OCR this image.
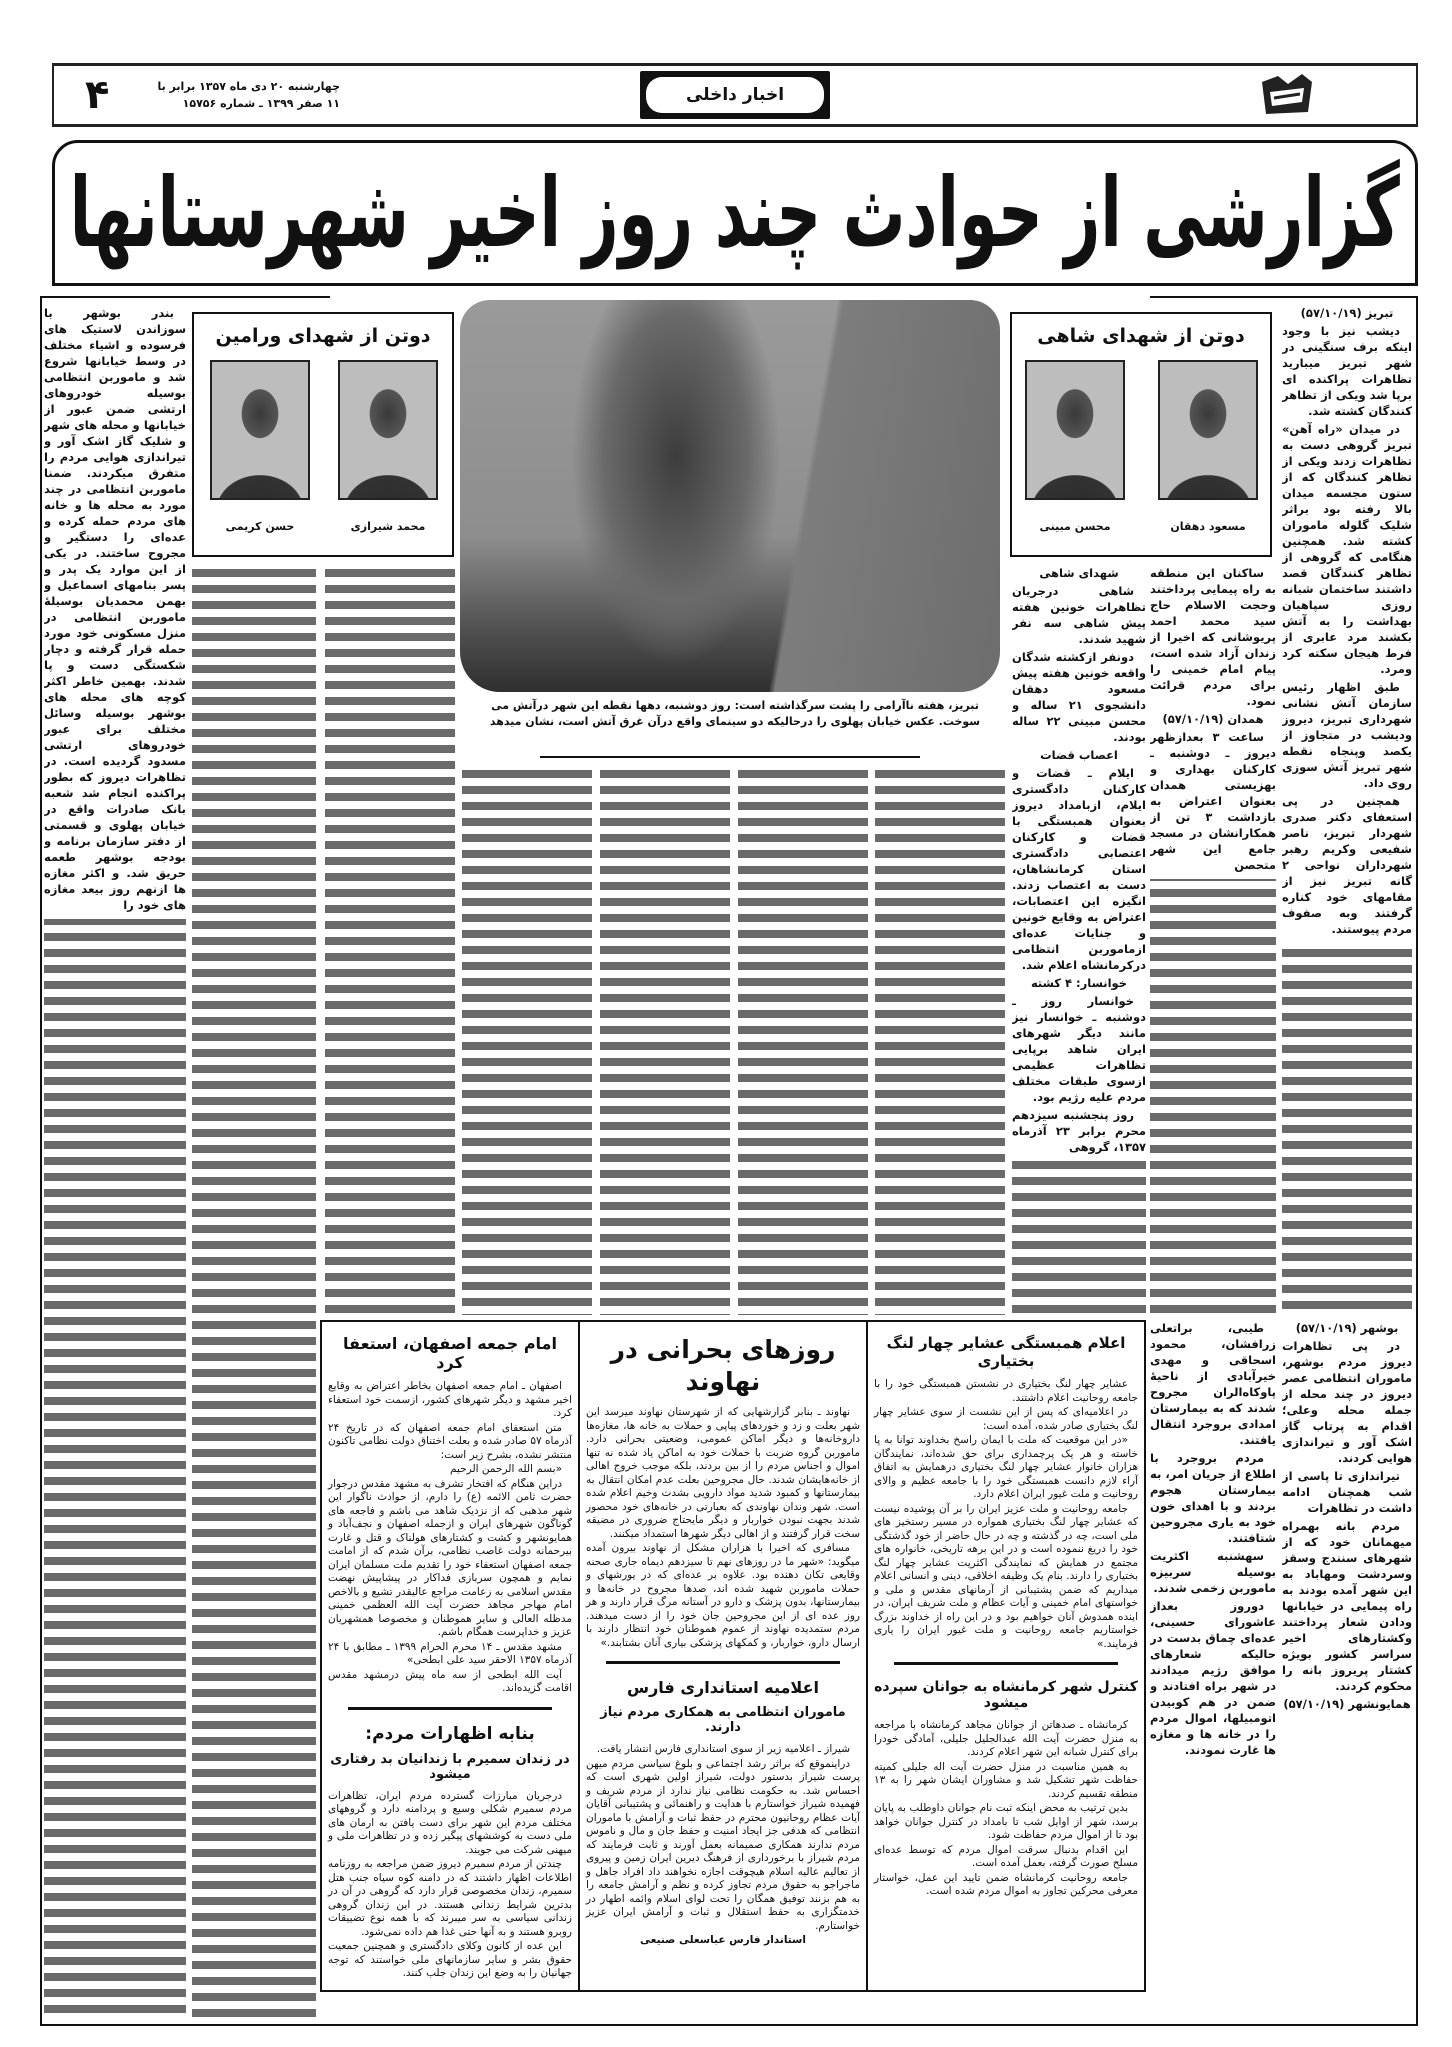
اخبار داخلی
چهارشنبه ۲۰ دی ماه ۱۳۵۷ برابر با
۱۱ صفر ۱۳۹۹ ـ شماره ۱۵۷۵۶
۴
گزارشی از حوادث چند روز اخیر شهرستانها
دوتن از شهدای شاهی
مسعود دهقان
محسن مبینی
دوتن از شهدای ورامین
محمد شیرازی
حسن کریمی
تبریز، هفته ناآرامی را پشت سرگذاشته است: روز دوشنبه، دهها نقطه این شهر درآتش می سوخت. عکس خیابان پهلوی را درحالیکه دو سینمای واقع درآن غرق آتش است، نشان میدهد

تبریز (۵۷/۱۰/۱۹)

دیشب نیز با وجود اینکه برف سنگینی در شهر تبریز میبارید تظاهرات پراکنده ای برپا شد ویکی از تظاهر کنندگان کشته شد.

در میدان «راه آهن» تبریز گروهی دست به تظاهرات زدند ویکی از تظاهر کنندگان که از ستون مجسمه میدان بالا رفته بود براثر شلیک گلوله ماموران کشته شد. همچنین هنگامی که گروهی از تظاهر کنندگان قصد داشتند ساختمان شبانه روزی سپاهیان بهداشت را به آتش بکشند مرد عابری از فرط هیجان سکته کرد ومرد.

طبق اظهار رئیس سازمان آتش نشانی شهرداری تبریز، دیروز ودیشب در متجاوز از یکصد وپنجاه نقطه شهر تبریز آتش سوزی روی داد.

همچنین در پی استعفای دکتر صدری شهردار تبریز، ناصر شفیعی وکریم رهبر شهرداران نواحی ۲ گانه تبریز نیز از مقامهای خود کناره گرفتند وبه صفوف مردم پیوستند.

ساکنان این منطقه به راه پیمایی پرداختند وحجت الاسلام حاج سید محمد احمد پریوشانی که اخیرا از زندان آزاد شده است، پیام امام خمینی را برای مردم قرائت نمود.

همدان (۵۷/۱۰/۱۹)

ساعت ۳ بعدازظهر دیروز ـ دوشنبه ـ کارکنان بهداری و بهزیستی همدان بعنوان اعتراض به بازداشت ۳ تن از همکارانشان در مسجد جامع این شهر متحصن

بندر بوشهر با سوزاندن لاستیک های فرسوده و اشیاء مختلف در وسط خیابانها شروع شد و ماموربن انتظامی بوسیله خودروهای ارتشی ضمن عبور از خیابانها و محله های شهر و شلیک گاز اشک آور و تیراندازی هوایی مردم را متفرق میکردند. ضمنا ماموربن انتظامی در چند مورد به محله ها و خانه های مردم حمله کرده و عده‌ای را دستگیر و مجروح ساختند. در یکی از این موارد یک پدر و پسر بنامهای اسماعیل و بهمن محمدیان بوسیلهٔ ماموربن انتظامی در منزل مسکونی خود مورد حمله قرار گرفته و دچار شکستگی دست و پا شدند. بهمین خاطر اکثر کوچه های محله های بوشهر بوسیله وسائل مختلف برای عبور خودروهای ارتشی مسدود گردیده است. در تظاهرات دیروز که بطور پراکنده انجام شد شعبه بانک صادرات واقع در خیابان پهلوی و قسمتی از دفتر سازمان برنامه و بودجه بوشهر طعمه حریق شد. و اکثر مغازه ها ازنهم روز بیعد مغازه های خود را

شهدای شاهی

شاهی درجریان تظاهرات خونین هفته پیش شاهی سه نفر شهید شدند.

دونفر ازکشته شدگان واقعه خونین هفته پیش مسعود دهقان دانشجوی ۲۱ ساله و محسن مبینی ۲۲ ساله بودند.

اعصاب قضات

ایلام ـ قضات و کارکنان دادگستری ایلام، ازبامداد دیروز بعنوان همبستگی با قضات و کارکنان اعتصابی دادگستری استان کرمانشاهان، دست به اعتصاب زدند. انگیزه این اعتصابات، اعتراض به وقایع خونین و جنایات عده‌ای ازماموربن انتظامی درکرمانشاه اعلام شد.

خوانسار: ۴ کشته

خوانسار روز ـ دوشنبه ـ خوانسار نیز مانند دیگر شهرهای ایران شاهد برپایی تظاهرات عظیمی ازسوی طبقات مختلف مردم علیه رژیم بود.

روز پنجشنبه سیزدهم محرم برابر ۲۳ آذرماه ۱۳۵۷، گروهی

بوشهر (۵۷/۱۰/۱۹)

در پی تظاهرات دیروز مردم بوشهر، ماموران انتظامی عصر دیروز در چند محله از جمله محله وعلی؛ اقدام به پرتاب گاز اشک آور و تیراندازی هوایی کردند.

تیراندازی تا پاسی از شب همچنان ادامه داشت در تظاهرات

مردم بانه بهمراه میهمانان خود که از شهرهای سنندج وسقز وسردشت ومهاباد به این شهر آمده بودند به راه پیمایی در خیابانها ودادن شعار پرداختند وکشتارهای اخیر سراسر کشور بویژه کشتار پریروز بانه را محکوم کردند.

همایونشهر (۵۷/۱۰/۱۹)

طیبی، براتعلی زرافشان، محمود اسحاقی و مهدی خیرآبادی از ناحیهٔ پاوکاه‌الران مجروح شدند که به بیمارستان امدادی بروجرد انتقال یافتند.

مردم بروجرد با اطلاع از جریان امر، به بیمارستان هجوم بردند و با اهدای خون خود به یاری مجروحین شتافتند.

سهشنبه اکثریت بوسیله سربیزه ماموربن زخمی شدند.

دوروز بعداز عاشورای حسینی، عده‌ای چماق بدست در حالیکه شعارهای موافق رژیم میدادند در شهر براه افتادند و ضمن در هم کوبیدن اتومبیلها، اموال مردم را در خانه ها و مغازه ها غارت نمودند.

اعلام همبستگی عشایر چهار لنگ بختیاری

عشایر چهار لنگ بختیاری در نشستن همبستگی خود را با جامعه روحانیت اعلام داشتند.

در اعلامیه‌ای که پس از این نشست از سوی عشایر چهار لنگ بختیاری صادر شده، آمده است:

«در این موقعیت که ملت با ایمان راسخ بخداوند توانا به پا خاسته و هر یک پرچمداری برای حق شده‌اند، نمایندگان هزاران خانوار عشایر چهار لنگ بختیاری درهمایش به اتفاق آراء لازم دانست همبستگی خود را با جامعه عظیم و والای روحانیت و ملت غیور ایران اعلام دارد.

جامعه روحانیت و ملت عزیز ایران را بر آن پوشیده نیست که عشایر چهار لنگ بختیاری همواره در مسیر رستخیز های ملی است، چه در گذشته و چه در حال حاضر از خود گذشتگی خود را دریغ ننموده است و در این برهه تاریخی، خانواره های مجتمع در همایش که نمایندگی اکثریت عشایر چهار لنگ بختیاری را دارند. بنام یک وظیفه اخلاقی، دینی و انسانی اعلام میداریم که ضمن پشتیبانی از آرمانهای مقدس و ملی و خواستهای امام خمینی و آیات عظام و ملت شریف ایران، در اینده همدوش آنان خواهیم بود و در این راه از خداوند بزرگ خواستاریم جامعه روحانیت و ملت غیور ایران را یاری فرمایند.»

کنترل شهر کرمانشاه به جوانان سپرده میشود

کرمانشاه ـ صدهاتن از جوانان مجاهد کرمانشاه با مراجعه به منزل حضرت آیت الله عبدالجلیل جلیلی، آمادگی خودرا برای کنترل شبانه این شهر اعلام کردند.

به همین مناسبت در منزل حضرت آیت اله جلیلی کمیته حفاظت شهر تشکیل شد و مشاوران ایشان شهر را به ۱۳ منطقه تقسیم کردند.

بدین ترتیب به محض اینکه ثبت نام جوانان داوطلب به پایان برسد، شهر از اوایل شب تا بامداد در کنترل جوانان خواهد بود تا از اموال مردم حفاظت شود.

این اقدام بدنبال سرقت اموال مردم که توسط عده‌ای مسلح صورت گرفته، بعمل آمده است.

جامعه روحانیت کرمانشاه ضمن تایید این عمل، خواستار معرفی محرکین تجاوز به اموال مردم شده است.

روزهای بحرانی در نهاوند

نهاوند ـ بنابر گزارشهایی که از شهرستان نهاوند میرسد این شهر بعلت و زد و خوردهای پیاپی و حملات به خانه ها، مغازه‌ها داروخانه‌ها و دیگر اماکن عمومی، وضعیتی بحرانی دارد. ماموربن گروه ضربت با حملات خود به اماکن یاد شده نه تنها اموال و اجناس مردم را از بین بردند، بلکه موجب خروج اهالی از خانه‌هایشان شدند. حال مجروحین بعلت عدم امکان انتقال به بیمارستانها و کمبود شدید مواد دارویی بشدت وخیم اعلام شده است. شهر وندان نهاوندی که بعبارتی در خانه‌های خود محصور شدند بجهت نبودن خواربار و دیگر مایحتاج ضروری در مضیقه سخت قرار گرفتند و از اهالی دیگر شهرها استمداد میکنند.

مسافری که اخیرا با هزاران مشکل از نهاوند بیرون آمده میگوید: «شهر ما در روزهای نهم تا سیزدهم دیماه جاری صحنه وقایعی تکان دهنده بود. علاوه بر عده‌ای که در یورشهای و حملات ماموربن شهید شده اند، صدها مجروح در خانه‌ها و بیمارستانها، بدون پزشک و دارو در آستانه مرگ قرار دارند و هر روز عده ای از این مجروحین جان خود را از دست میدهند. مردم ستمدیده نهاوند از عموم هموطنان خود انتظار دارند با ارسال دارو، خواربار، و کمکهای پزشکی بیاری آنان بشتابند.»

اعلامیه استانداری فارس
ماموران انتظامی به همکاری مردم نیاز دارند.

شیراز ـ اعلامیه زیر از سوی استانداری فارس انتشار یافت.

دراینموقع که براثر رشد اجتماعی و بلوغ سیاسی مردم میهن پرست شیراز بدستور دولت، شیراز اولین شهری است که احساس شد. به حکومت نظامی نیاز ندارد از مردم شریف و فهمیده شیراز خواستارم با هدایت و راهنمائی و پشتیبانی آقایان آیات عظام روحانیون محترم در حفظ ثبات و آرامش با ماموران انتظامی که هدفی جز ایجاد امنیت و حفظ جان و مال و ناموس مردم ندارند همکاری صمیمانه بعمل آورند و ثابت فرمایند که مردم شیراز با برخورداری از فرهنگ دیرین ایران زمین و پیروی از تعالیم عالیه اسلام هیچوقت اجازه نخواهند داد افراد جاهل و ماجراجو به حقوق مردم تجاوز کرده و نظم و آرامش جامعه را به هم بزنند توفیق همگان را تحت لوای اسلام وائمه اطهار در خدمتگزاری به حفظ استقلال و ثبات و آرامش ایران عزیز خواستارم.

استاندار فارس عباسعلی صنیعی

امام جمعه اصفهان، استعفا کرد

اصفهان ـ امام جمعه اصفهان بخاطر اعتراض به وقایع اخیر مشهد و دیگر شهرهای کشور، ازسمت خود استعفاء کرد.

متن استعفای امام جمعه اصفهان که در تاریخ ۲۴ آذرماه ۵۷ صادر شده و بعلت اختناق دولت نظامی تاکنون منتشر نشده، بشرح زیر است:

«بسم الله الرحمن الرحیم

دراین هنگام که افتخار تشرف به مشهد مقدس درجوار حضرت ثامن الائمه (ع) را دارم، از حوادث ناگوار این شهر مذهبی که از نزدیک شاهد می باشم و فاجعه های گوناگون شهرهای ایران و ازجمله اصفهان و نجف‌آباد و همایونشهر و کشت و کشتارهای هولناک و قتل و غارت بیرحمانه دولت غاصب نظامی، برآن شدم که از امامت جمعه اصفهان استعفاء خود را تقدیم ملت مسلمان ایران نمایم و همچون سربازی فداکار در پیشاپیش نهضت مقدس اسلامی به زعامت مراجع عالیقدر تشیع و بالاخص امام مهاجر مجاهد حضرت آیت الله العظمی خمینی مدظله العالی و سایر هموطنان و مخصوصا همشهریان عزیز و خداپرست همگام باشم.

مشهد مقدس ـ ۱۴ محرم الحرام ۱۳۹۹ ـ مطابق با ۲۴ آذرماه ۱۳۵۷ الاحقر سید علی ابطحی»

آیت الله ابطحی از سه ماه پیش درمشهد مقدس اقامت گزیده‌اند.

بنابه اظهارات مردم:
در زندان سمیرم با زندانیان بد رفتاری میشود

درجریان مبارزات گسترده مردم ایران، تظاهرات مردم سمیرم شکلی وسیع و پردامنه دارد و گروههای مختلف مردم این شهر برای دست یافتن به ارمان های ملی دست به کوششهای پیگیر زده و در تظاهرات ملی و میهنی شرکت می جویند.

چندتن از مردم سمیرم دیروز ضمن مراجعه به روزنامه اطلاعات اظهار داشتند که در دامنه کوه سیاه جنب هتل سمیرم، زندان مخصوصی قرار دارد که گروهی در آن در بدترین شرایط زندانی هستند. در این زندان گروهی زندانی سیاسی به سر میبرند که با همه نوع تضییقات روبرو هستند و به آنها حتی غذا هم داده نمی‌شود.

این عده از کانون وکلای دادگستری و همچنین جمعیت حقوق بشر و سایر سازمانهای ملی خواستند که توجه جهانیان را به وضع این زندان جلب کنند.
